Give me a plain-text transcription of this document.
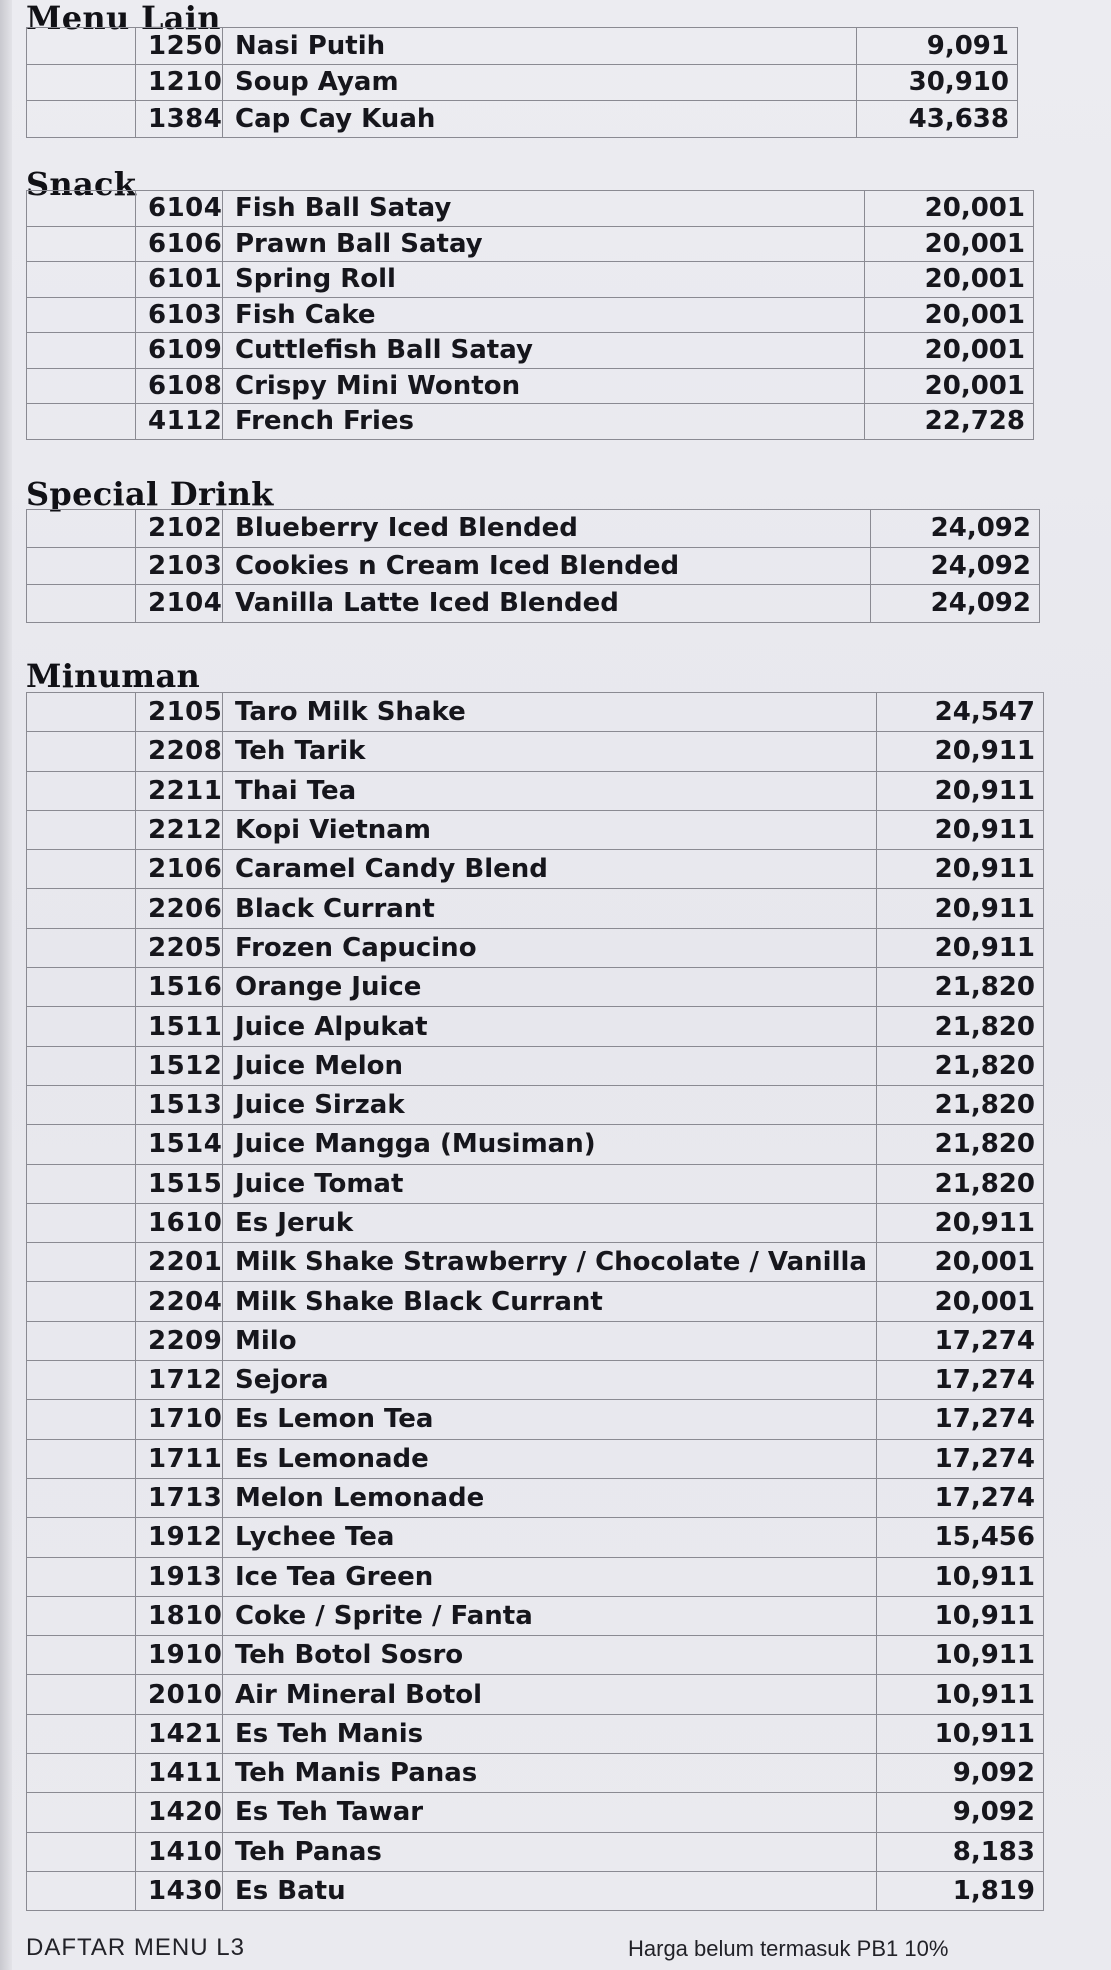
Menu Lain
	1250	Nasi Putih	9,091
	1210	Soup Ayam	30,910
	1384	Cap Cay Kuah	43,638
Snack
	6104	Fish Ball Satay	20,001
	6106	Prawn Ball Satay	20,001
	6101	Spring Roll	20,001
	6103	Fish Cake	20,001
	6109	Cuttlefish Ball Satay	20,001
	6108	Crispy Mini Wonton	20,001
	4112	French Fries	22,728
Special Drink
	2102	Blueberry Iced Blended	24,092
	2103	Cookies n Cream Iced Blended	24,092
	2104	Vanilla Latte Iced Blended	24,092
Minuman
	2105	Taro Milk Shake	24,547
	2208	Teh Tarik	20,911
	2211	Thai Tea	20,911
	2212	Kopi Vietnam	20,911
	2106	Caramel Candy Blend	20,911
	2206	Black Currant	20,911
	2205	Frozen Capucino	20,911
	1516	Orange Juice	21,820
	1511	Juice Alpukat	21,820
	1512	Juice Melon	21,820
	1513	Juice Sirzak	21,820
	1514	Juice Mangga (Musiman)	21,820
	1515	Juice Tomat	21,820
	1610	Es Jeruk	20,911
	2201	Milk Shake Strawberry / Chocolate / Vanilla	20,001
	2204	Milk Shake Black Currant	20,001
	2209	Milo	17,274
	1712	Sejora	17,274
	1710	Es Lemon Tea	17,274
	1711	Es Lemonade	17,274
	1713	Melon Lemonade	17,274
	1912	Lychee Tea	15,456
	1913	Ice Tea Green	10,911
	1810	Coke / Sprite / Fanta	10,911
	1910	Teh Botol Sosro	10,911
	2010	Air Mineral Botol	10,911
	1421	Es Teh Manis	10,911
	1411	Teh Manis Panas	9,092
	1420	Es Teh Tawar	9,092
	1410	Teh Panas	8,183
	1430	Es Batu	1,819
DAFTAR MENU L3	Harga belum termasuk PB1 10%
